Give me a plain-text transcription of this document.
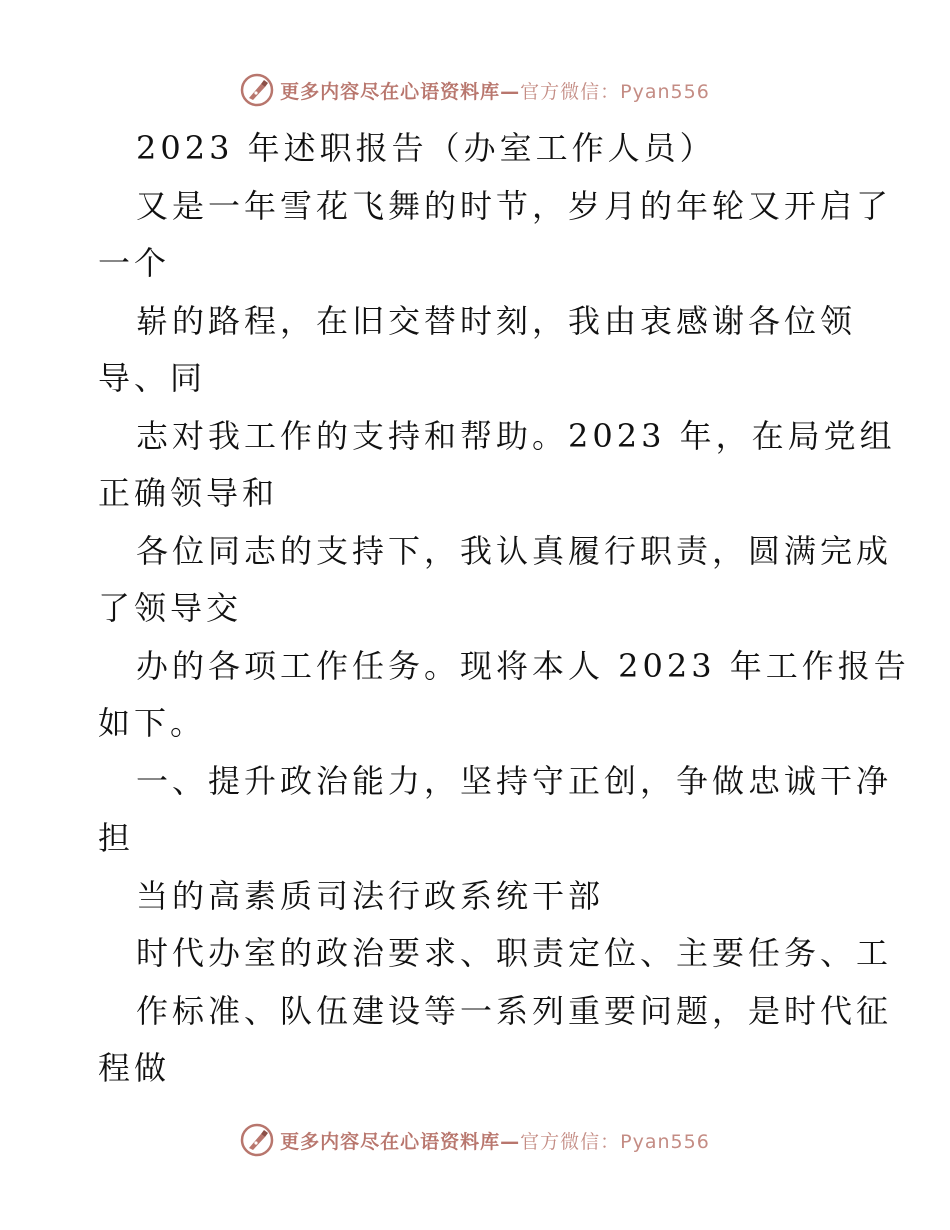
更多内容尽在心语资料库—官方微信：Pyan556
2023 年述职报告（办室工作人员）
又是一年雪花飞舞的时节，岁月的年轮又开启了
一个
崭的路程，在旧交替时刻，我由衷感谢各位领
导、同
志对我工作的支持和帮助。2023 年，在局党组
正确领导和
各位同志的支持下，我认真履行职责，圆满完成
了领导交
办的各项工作任务。现将本人 2023 年工作报告
如下。
一、提升政治能力，坚持守正创，争做忠诚干净
担
当的高素质司法行政系统干部
时代办室的政治要求、职责定位、主要任务、工
作标准、队伍建设等一系列重要问题，是时代征
程做
更多内容尽在心语资料库—官方微信：Pyan556
